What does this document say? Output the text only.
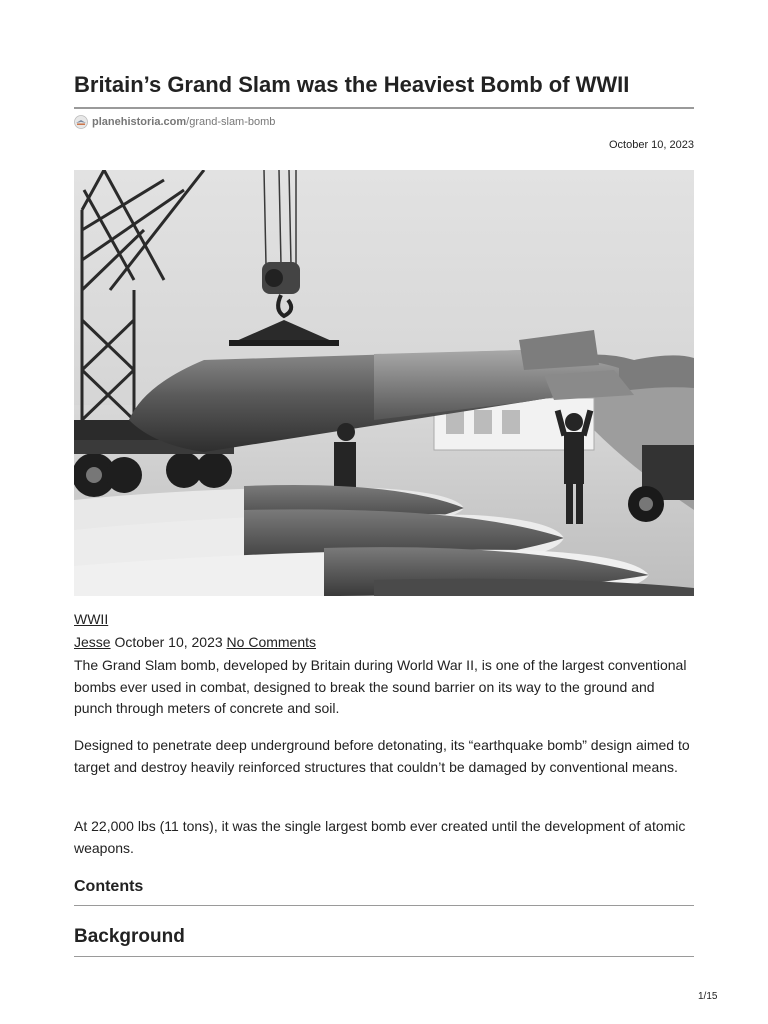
Britain’s Grand Slam was the Heaviest Bomb of WWII
planehistoria.com /grand-slam-bomb
October 10, 2023
WWII
Jesse October 10, 2023 No Comments

The Grand Slam bomb, developed by Britain during World War II, is one of the largest conventional bombs ever used in combat, designed to break the sound barrier on its way to the ground and punch through meters of concrete and soil.

Designed to penetrate deep underground before detonating, its “earthquake bomb” design aimed to target and destroy heavily reinforced structures that couldn’t be damaged by conventional means.

At 22,000 lbs (11 tons), it was the single largest bomb ever created until the development of atomic weapons.

Contents
Background
1/15
